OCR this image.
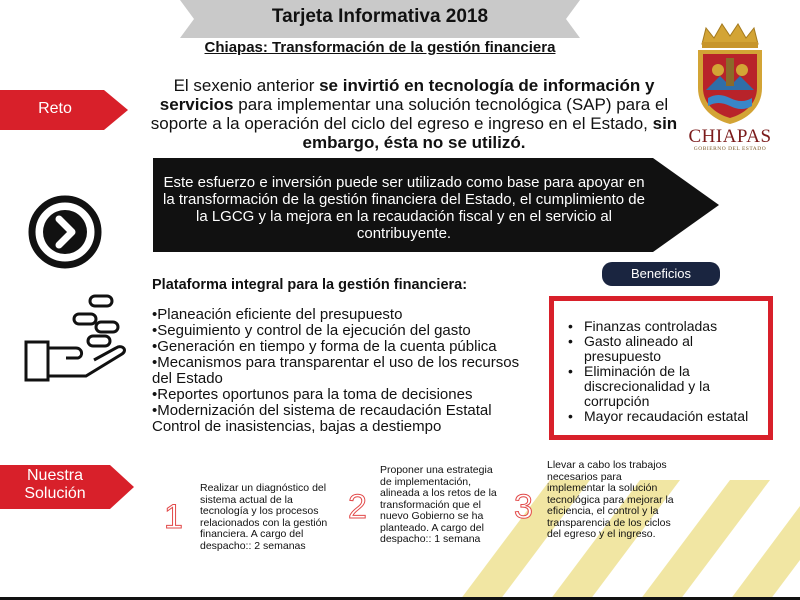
Tarjeta Informativa 2018
Chiapas: Transformación de la gestión financiera
CHIAPAS
GOBIERNO DEL ESTADO
Reto
El sexenio anterior se invirtió en tecnología de información y servicios para implementar una solución tecnológica (SAP) para el soporte a la operación del ciclo del egreso e ingreso en el Estado, sin embargo, ésta no se utilizó.
Este esfuerzo e inversión puede ser utilizado como base para apoyar en la transformación de la gestión financiera del Estado, el cumplimiento de la LGCG y la mejora en la recaudación fiscal y en el servicio al contribuyente.
Plataforma integral para la gestión financiera:
•Planeación eficiente del presupuesto
•Seguimiento y control de la ejecución del gasto
•Generación en tiempo y forma de la cuenta pública
•Mecanismos para transparentar el uso de los recursos del Estado
•Reportes oportunos para la toma de decisiones
•Modernización del sistema de recaudación Estatal
Control de inasistencias, bajas a destiempo
Beneficios
• Finanzas controladas
• Gasto alineado al presupuesto
• Eliminación de la discrecionalidad y la corrupción
• Mayor recaudación estatal
Nuestra
Solución
1
Realizar un diagnóstico del sistema actual de la tecnología y los procesos relacionados con la gestión financiera. A cargo del despacho:: 2 semanas
2
Proponer una estrategia de implementación, alineada a los retos de la transformación que el nuevo Gobierno se ha planteado. A cargo del despacho:: 1 semana
3
Llevar a cabo los trabajos necesarios para implementar la solución tecnológica para mejorar la eficiencia, el control y la transparencia de los ciclos del egreso y el ingreso.
